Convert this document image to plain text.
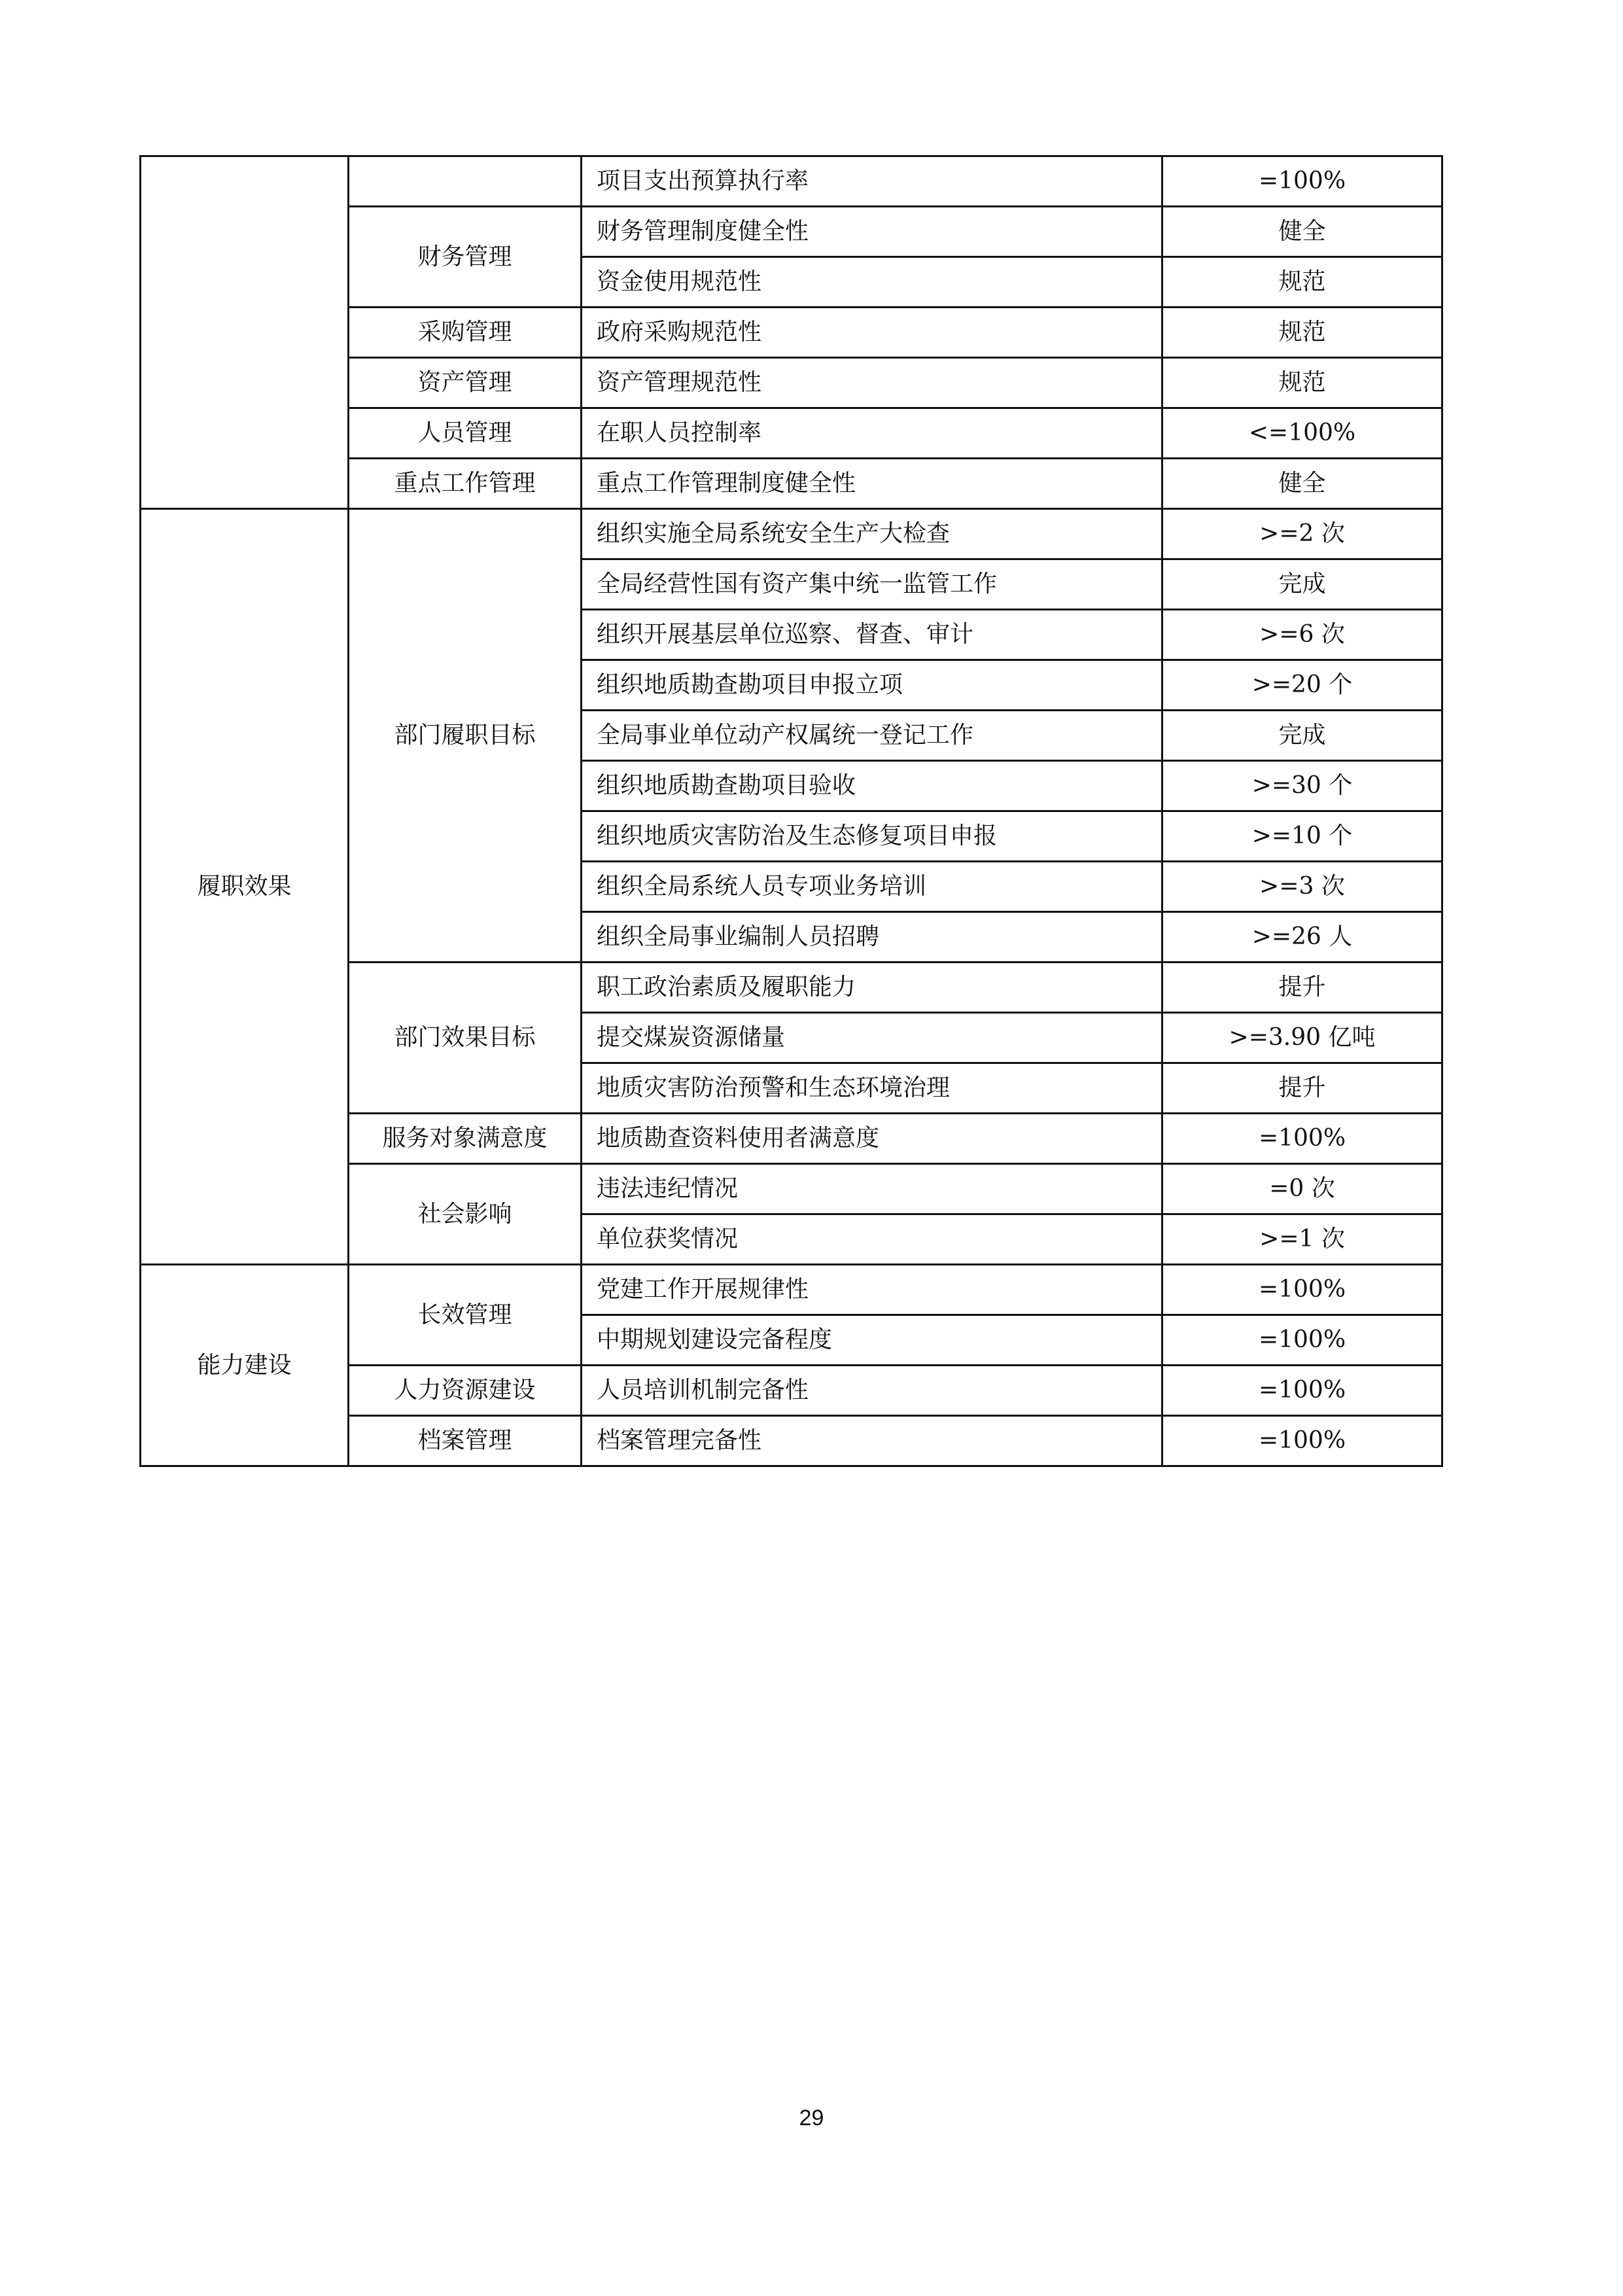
		项目支出预算执行率	=100%
	财务管理	财务管理制度健全性	健全
		资金使用规范性	规范
	采购管理	政府采购规范性	规范
	资产管理	资产管理规范性	规范
	人员管理	在职人员控制率	<=100%
	重点工作管理	重点工作管理制度健全性	健全
履职效果	部门履职目标	组织实施全局系统安全生产大检查	>=2 次
		全局经营性国有资产集中统一监管工作	完成
		组织开展基层单位巡察、督查、审计	>=6 次
		组织地质勘查勘项目申报立项	>=20 个
		全局事业单位动产权属统一登记工作	完成
		组织地质勘查勘项目验收	>=30 个
		组织地质灾害防治及生态修复项目申报	>=10 个
		组织全局系统人员专项业务培训	>=3 次
		组织全局事业编制人员招聘	>=26 人
	部门效果目标	职工政治素质及履职能力	提升
		提交煤炭资源储量	>=3.90 亿吨
		地质灾害防治预警和生态环境治理	提升
	服务对象满意度	地质勘查资料使用者满意度	=100%
	社会影响	违法违纪情况	=0 次
		单位获奖情况	>=1 次
能力建设	长效管理	党建工作开展规律性	=100%
		中期规划建设完备程度	=100%
	人力资源建设	人员培训机制完备性	=100%
	档案管理	档案管理完备性	=100%
29
